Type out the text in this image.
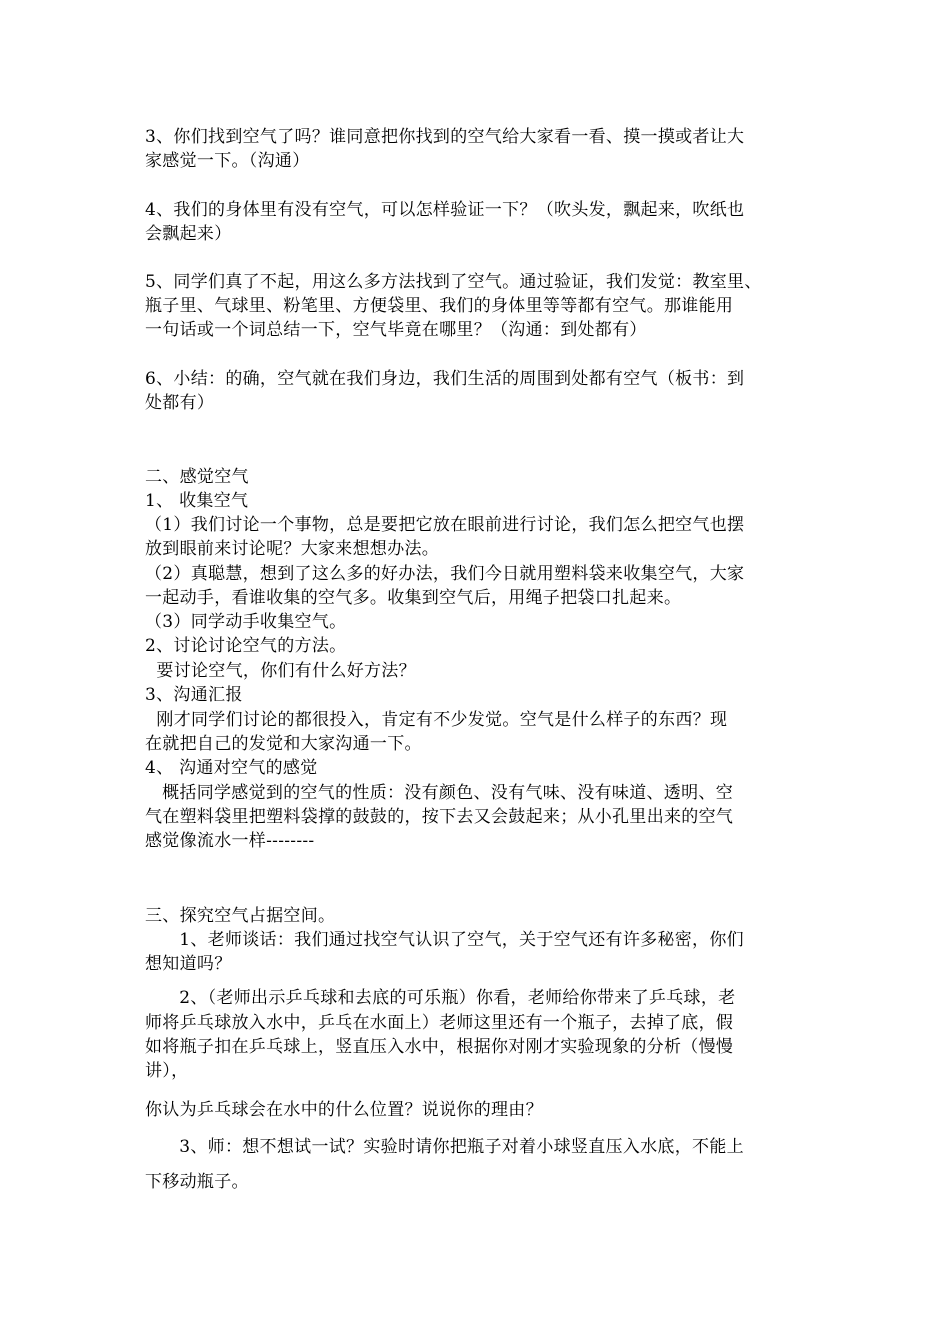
3、你们找到空气了吗？谁同意把你找到的空气给大家看一看、摸一摸或者让大
家感觉一下。（沟通）
4、我们的身体里有没有空气，可以怎样验证一下？（吹头发，飘起来，吹纸也
会飘起来）
5、同学们真了不起，用这么多方法找到了空气。通过验证，我们发觉：教室里、
瓶子里、气球里、粉笔里、方便袋里、我们的身体里等等都有空气。那谁能用
一句话或一个词总结一下，空气毕竟在哪里？（沟通：到处都有）
6、小结：的确，空气就在我们身边，我们生活的周围到处都有空气（板书：到
处都有）
二、感觉空气
1、 收集空气
（1）我们讨论一个事物，总是要把它放在眼前进行讨论，我们怎么把空气也摆
放到眼前来讨论呢？大家来想想办法。
（2）真聪慧，想到了这么多的好办法，我们今日就用塑料袋来收集空气，大家
一起动手，看谁收集的空气多。收集到空气后，用绳子把袋口扎起来。
（3）同学动手收集空气。
2、讨论讨论空气的方法。
要讨论空气，你们有什么好方法？
3、沟通汇报
刚才同学们讨论的都很投入，肯定有不少发觉。空气是什么样子的东西？现
在就把自己的发觉和大家沟通一下。
4、 沟通对空气的感觉
概括同学感觉到的空气的性质：没有颜色、没有气味、没有味道、透明、空
气在塑料袋里把塑料袋撑的鼓鼓的，按下去又会鼓起来；从小孔里出来的空气
感觉像流水一样--------
三、探究空气占据空间。
1、老师谈话：我们通过找空气认识了空气，关于空气还有许多秘密，你们
想知道吗？
2、（老师出示乒乓球和去底的可乐瓶）你看，老师给你带来了乒乓球，老
师将乒乓球放入水中，乒乓在水面上）老师这里还有一个瓶子，去掉了底，假
如将瓶子扣在乒乓球上，竖直压入水中，根据你对刚才实验现象的分析（慢慢
讲），
你认为乒乓球会在水中的什么位置？说说你的理由？
3、师：想不想试一试？实验时请你把瓶子对着小球竖直压入水底，不能上
下移动瓶子。
